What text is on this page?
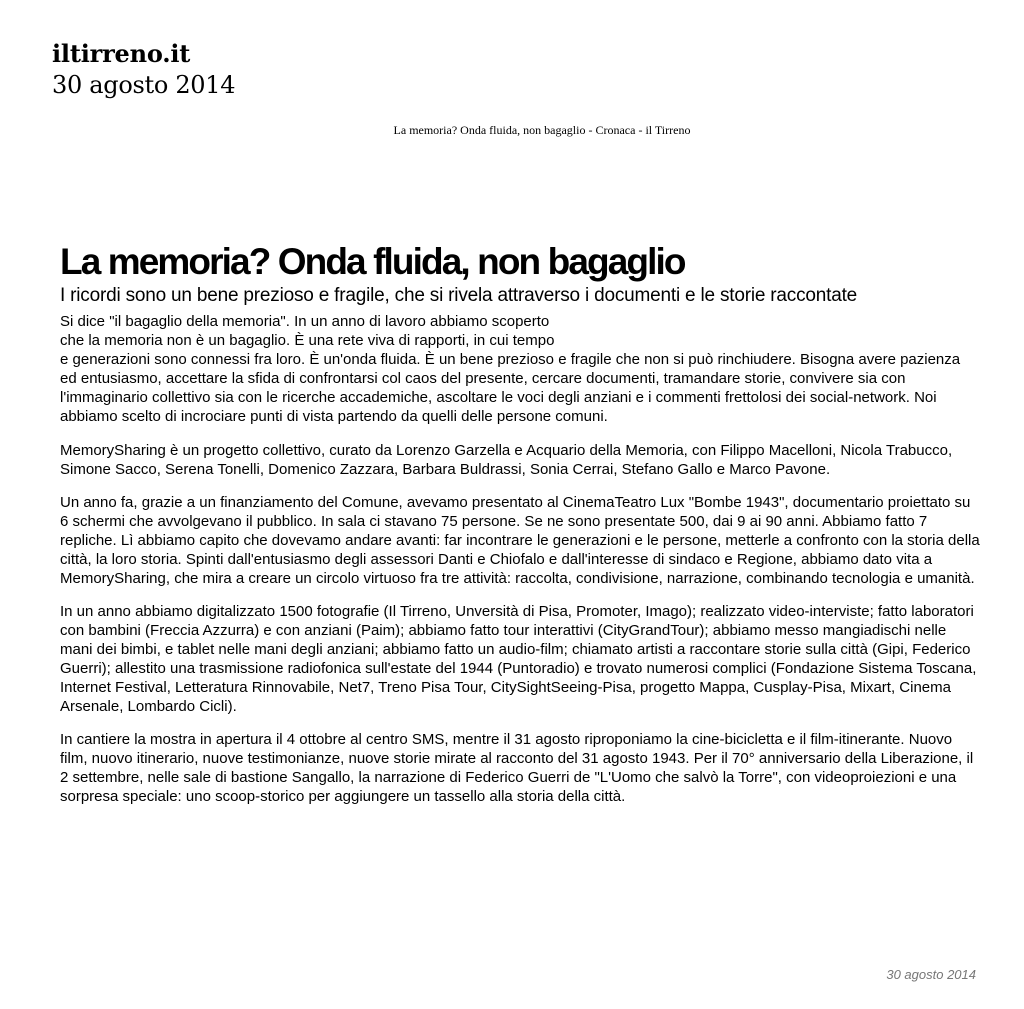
iltirreno.it
30 agosto 2014
La memoria? Onda fluida, non bagaglio - Cronaca - il Tirreno
La memoria? Onda fluida, non bagaglio
I ricordi sono un bene prezioso e fragile, che si rivela attraverso i documenti e le storie raccontate

Si dice "il bagaglio della memoria". In un anno di lavoro abbiamo scoperto
che la memoria non è un bagaglio. È una rete viva di rapporti, in cui tempo
e generazioni sono connessi fra loro. È un'onda fluida. È un bene prezioso e fragile che non si può rinchiudere. Bisogna avere pazienza ed entusiasmo, accettare la sfida di confrontarsi col caos del presente, cercare documenti, tramandare storie, convivere sia con l'immaginario collettivo sia con le ricerche accademiche, ascoltare le voci degli anziani e i commenti frettolosi dei social-network. Noi abbiamo scelto di incrociare punti di vista partendo da quelli delle persone comuni.

MemorySharing è un progetto collettivo, curato da Lorenzo Garzella e Acquario della Memoria, con Filippo Macelloni, Nicola Trabucco, Simone Sacco, Serena Tonelli, Domenico Zazzara, Barbara Buldrassi, Sonia Cerrai, Stefano Gallo e Marco Pavone.

Un anno fa, grazie a un finanziamento del Comune, avevamo presentato al CinemaTeatro Lux "Bombe 1943", documentario proiettato su 6 schermi che avvolgevano il pubblico. In sala ci stavano 75 persone. Se ne sono presentate 500, dai 9 ai 90 anni. Abbiamo fatto 7 repliche. Lì abbiamo capito che dovevamo andare avanti: far incontrare le generazioni e le persone, metterle a confronto con la storia della città, la loro storia. Spinti dall'entusiasmo degli assessori Danti e Chiofalo e dall'interesse di sindaco e Regione, abbiamo dato vita a MemorySharing, che mira a creare un circolo virtuoso fra tre attività: raccolta, condivisione, narrazione, combinando tecnologia e umanità.

In un anno abbiamo digitalizzato 1500 fotografie (Il Tirreno, Unversità di Pisa, Promoter, Imago); realizzato video-interviste; fatto laboratori con bambini (Freccia Azzurra) e con anziani (Paim); abbiamo fatto tour interattivi (CityGrandTour); abbiamo messo mangiadischi nelle mani dei bimbi, e tablet nelle mani degli anziani; abbiamo fatto un audio-film; chiamato artisti a raccontare storie sulla città (Gipi, Federico Guerri); allestito una trasmissione radiofonica sull'estate del 1944 (Puntoradio) e trovato numerosi complici (Fondazione Sistema Toscana, Internet Festival, Letteratura Rinnovabile, Net7, Treno Pisa Tour, CitySightSeeing-Pisa, progetto Mappa, Cusplay-Pisa, Mixart, Cinema Arsenale, Lombardo Cicli).

In cantiere la mostra in apertura il 4 ottobre al centro SMS, mentre il 31 agosto riproponiamo la cine-bicicletta e il film-itinerante. Nuovo film, nuovo itinerario, nuove testimonianze, nuove storie mirate al racconto del 31 agosto 1943. Per il 70° anniversario della Liberazione, il 2 settembre, nelle sale di bastione Sangallo, la narrazione di Federico Guerri de "L'Uomo che salvò la Torre", con videoproiezioni e una sorpresa speciale: uno scoop-storico per aggiungere un tassello alla storia della città.

30 agosto 2014
